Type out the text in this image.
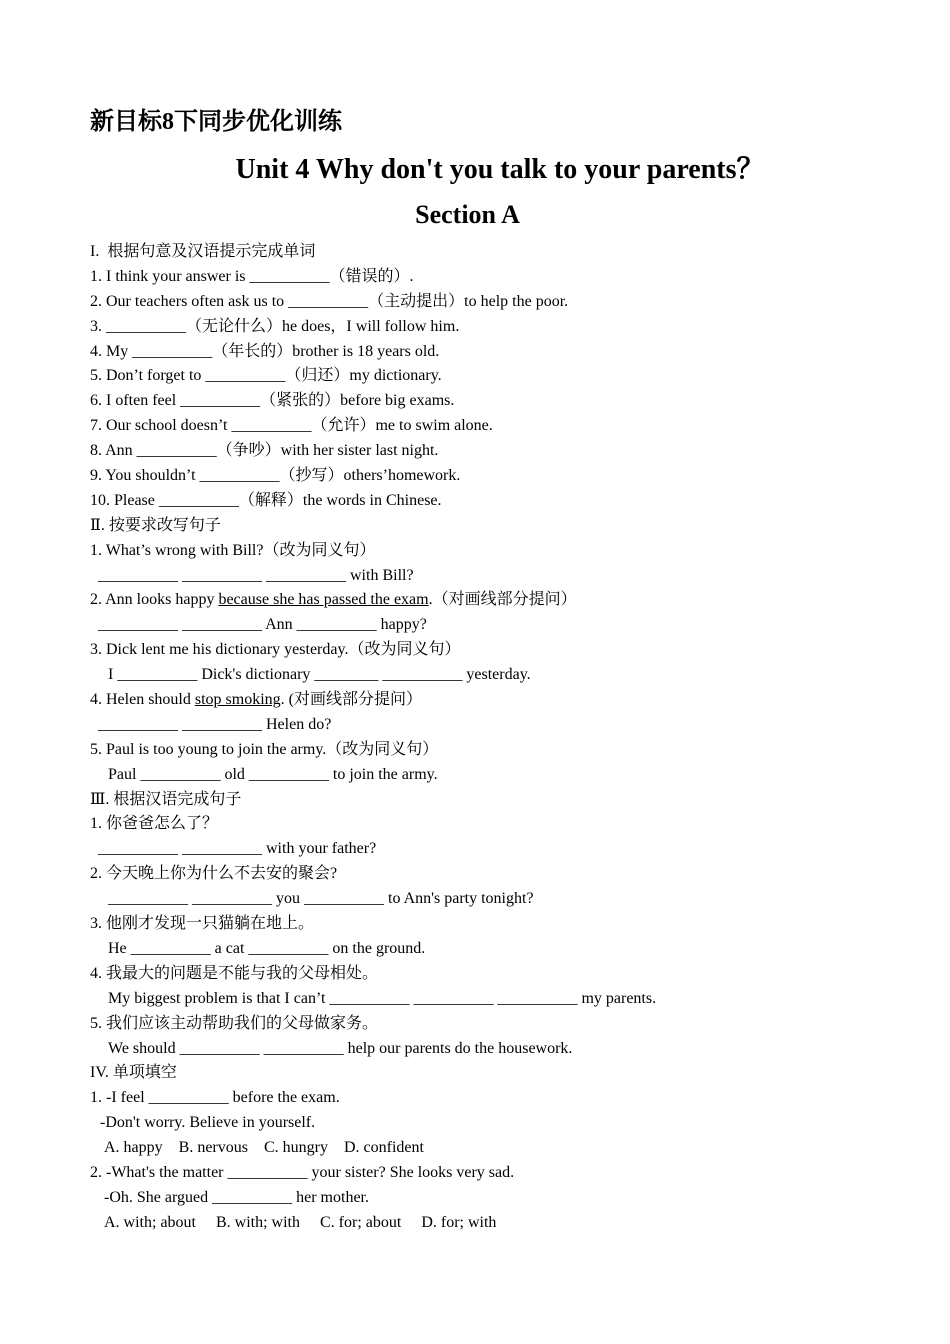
新目标8下同步优化训练
Unit 4 Why don't you talk to your parents？
Section A
I.  根据句意及汉语提示完成单词
1. I think your answer is __________（错误的）.
2. Our teachers often ask us to __________（主动提出）to help the poor.
3. __________（无论什么）he does，I will follow him.
4. My __________（年长的）brother is 18 years old.
5. Don’t forget to __________（归还）my dictionary.
6. I often feel __________（紧张的）before big exams.
7. Our school doesn’t __________（允许）me to swim alone.
8. Ann __________（争吵）with her sister last night.
9. You shouldn’t __________（抄写）others’homework.
10. Please __________（解释）the words in Chinese.
Ⅱ. 按要求改写句子
1. What’s wrong with Bill?（改为同义句）
__________ __________ __________ with Bill?
2. Ann looks happy because she has passed the exam.（对画线部分提问）
__________ __________ Ann __________ happy?
3. Dick lent me his dictionary yesterday.（改为同义句）
I __________ Dick's dictionary ________ __________ yesterday.
4. Helen should stop smoking. (对画线部分提问）
__________ __________ Helen do?
5. Paul is too young to join the army.（改为同义句）
Paul __________ old __________ to join the army.
Ⅲ. 根据汉语完成句子
1. 你爸爸怎么了？
__________ __________ with your father?
2. 今天晚上你为什么不去安的聚会?
__________ __________ you __________ to Ann's party tonight?
3. 他刚才发现一只猫躺在地上。
He __________ a cat __________ on the ground.
4. 我最大的问题是不能与我的父母相处。
My biggest problem is that I can’t __________ __________ __________ my parents.
5. 我们应该主动帮助我们的父母做家务。
We should __________ __________ help our parents do the housework.
IV. 单项填空
1. -I feel __________ before the exam.
-Don't worry. Believe in yourself.
A. happy    B. nervous    C. hungry    D. confident
2. -What's the matter __________ your sister? She looks very sad.
-Oh. She argued __________ her mother.
A. with; about     B. with; with     C. for; about     D. for; with
